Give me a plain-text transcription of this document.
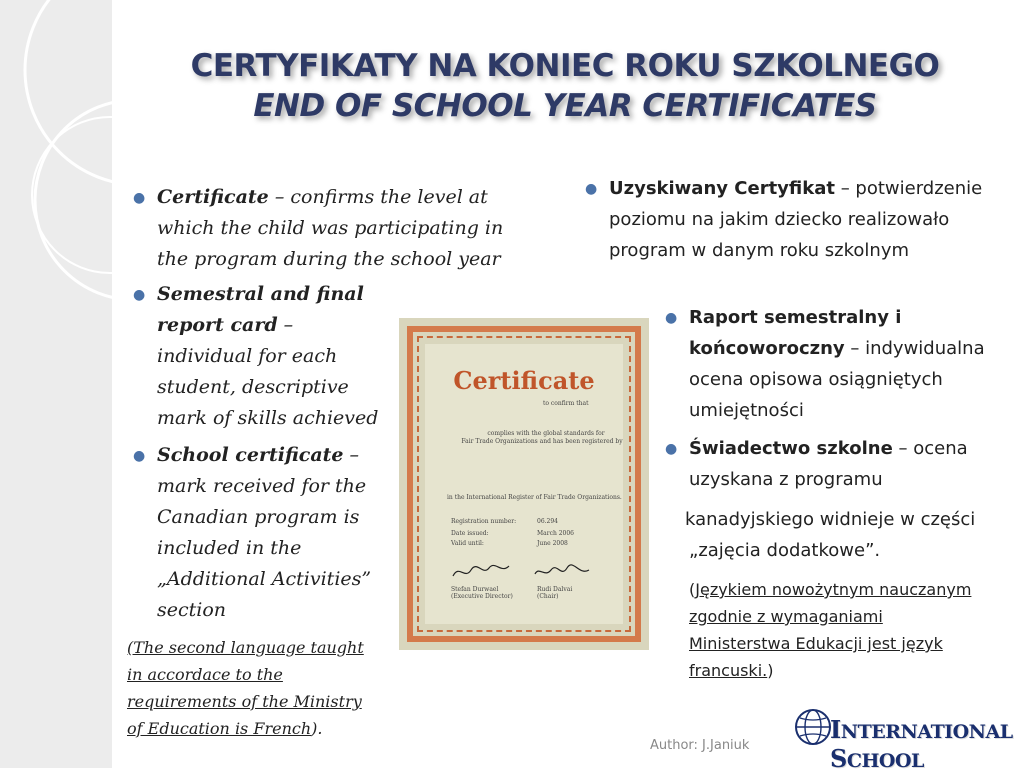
CERTYFIKATY NA KONIEC ROKU SZKOLNEGO
END OF SCHOOL YEAR CERTIFICATES
● Certificate – confirms the level at which the child was participating in the program during the school year
● Semestral and final report card – individual for each student, descriptive mark of skills achieved
● School certificate – mark received for the Canadian program is included in the „Additional Activities” section
(The second language taught in accordace to the requirements of the Ministry of Education is French).
Certificate
to confirm that
complies with the global standards for
Fair Trade Organizations and has been registered by
in the International Register of Fair Trade Organizations.
Registration number:	06.294
Date issued:	March 2006
Valid until:	June 2008
Stefan Durwael
(Executive Director)
Rudi Dalvai
(Chair)
● Uzyskiwany Certyfikat – potwierdzenie poziomu na jakim dziecko realizowało program w danym roku szkolnym
● Raport semestralny i końcoworoczny – indywidualna ocena opisowa osiągniętych umiejętności
● Świadectwo szkolne – ocena uzyskana z programu
kanadyjskiego widnieje w części „zajęcia dodatkowe”.
(Językiem nowożytnym nauczanym zgodnie z wymaganiami Ministerstwa Edukacji jest język francuski.)
Author: J.Janiuk
INTERNATIONAL SCHOOL
